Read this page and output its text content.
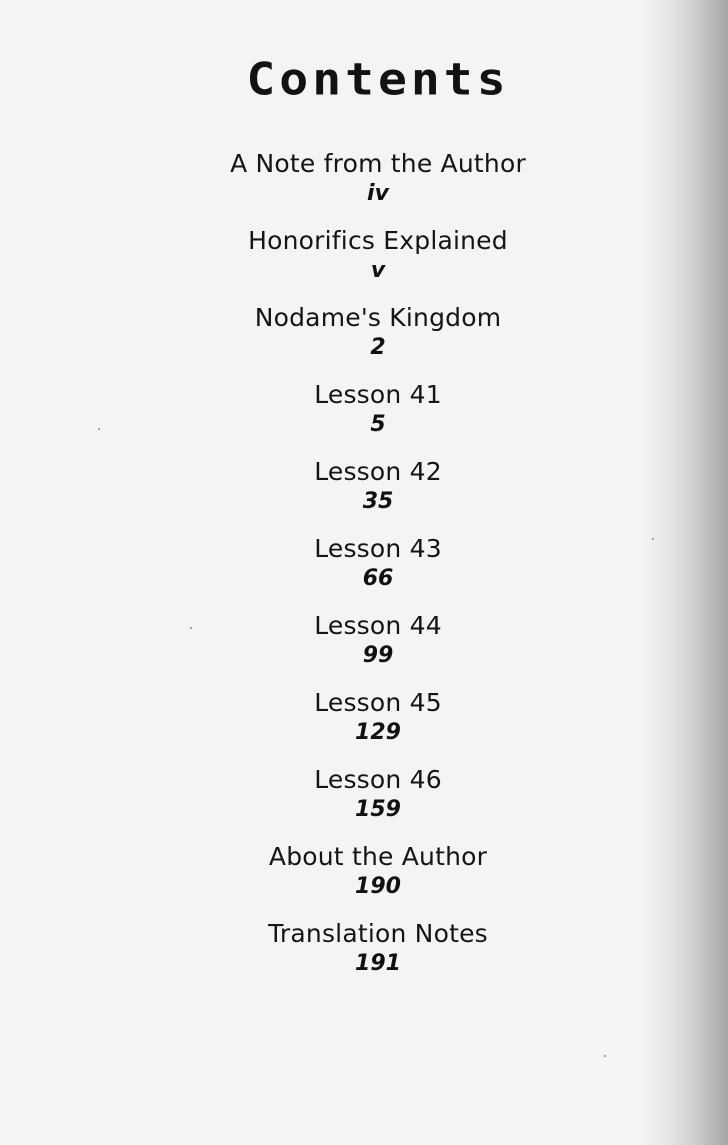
Contents
A Note from the Author
iv
Honorifics Explained
v
Nodame's Kingdom
2
Lesson 41
5
Lesson 42
35
Lesson 43
66
Lesson 44
99
Lesson 45
129
Lesson 46
159
About the Author
190
Translation Notes
191
